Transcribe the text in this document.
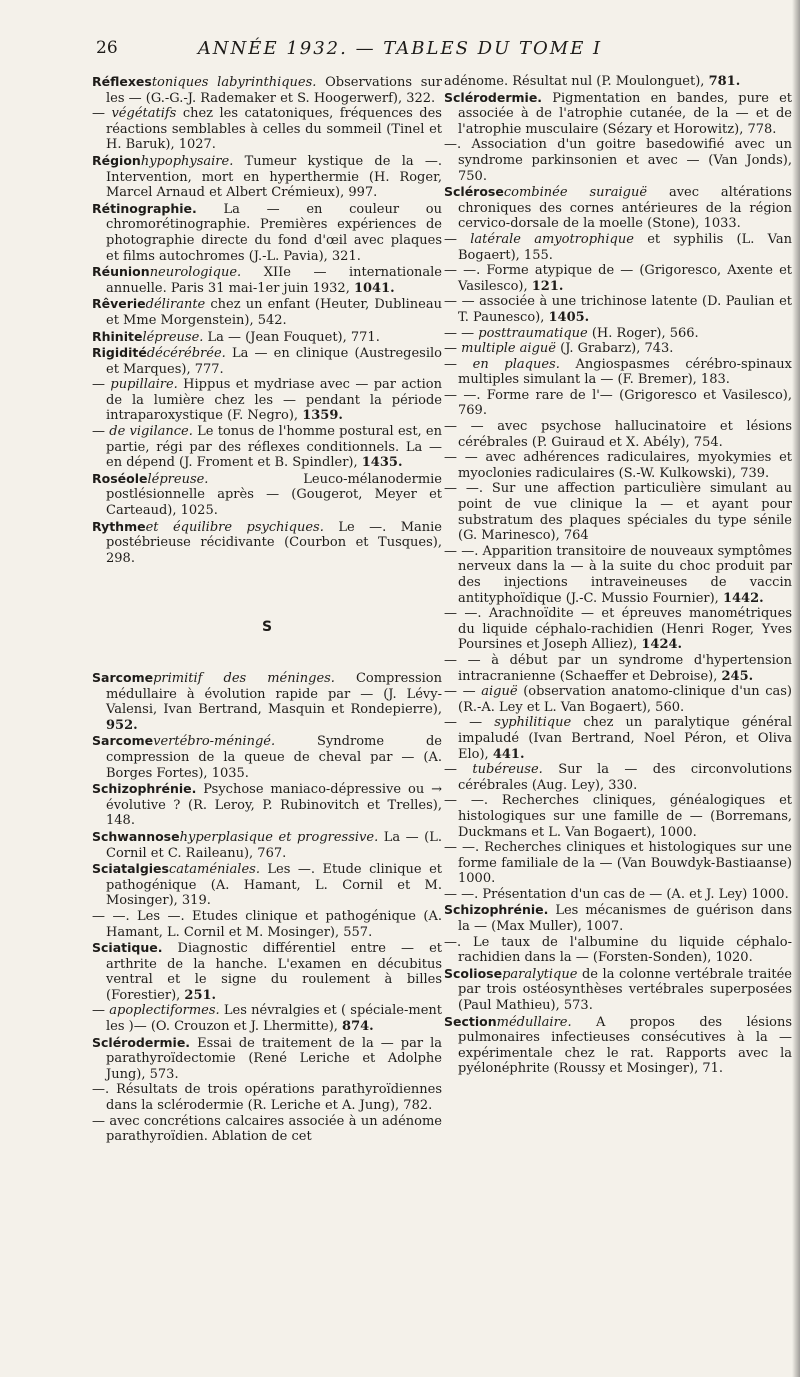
26	ANNÉE 1932. — TABLES DU TOME I

Réflexestoniques labyrinthiques. Observations sur les — (G.-G.-J. Rademaker et S. Hoogerwerf), 322.

— végétatifs chez les catatoniques, fréquences des réactions semblables à celles du sommeil (Tinel et H. Baruk), 1027.

Régionhypophysaire. Tumeur kystique de la —. Intervention, mort en hyperthermie (H. Roger, Marcel Arnaud et Albert Crémieux), 997.

Rétinographie. La — en couleur ou chromorétinographie. Premières expériences de photographie directe du fond d'œil avec plaques et films autochromes (J.-L. Pavia), 321.

Réunionneurologique. XIIe — internationale annuelle. Paris 31 mai-1er juin 1932, 1041.

Rêveriedélirante chez un enfant (Heuter, Dublineau et Mme Morgenstein), 542.

Rhinitelépreuse. La — (Jean Fouquet), 771.

Rigiditédécérébrée. La — en clinique (Austregesilo et Marques), 777.

— pupillaire. Hippus et mydriase avec — par action de la lumière chez les — pendant la période intraparoxystique (F. Negro), 1359.

— de vigilance. Le tonus de l'homme postural est, en partie, régi par des réflexes conditionnels. La — en dépend (J. Froment et B. Spindler), 1435.

Roséolelépreuse. Leuco-mélanodermie postlésionnelle après — (Gougerot, Meyer et Carteaud), 1025.

Rythmeet équilibre psychiques. Le —. Manie postébrieuse récidivante (Courbon et Tusques), 298.

S

Sarcomeprimitif des méninges. Compression médullaire à évolution rapide par — (J. Lévy-Valensi, Ivan Bertrand, Masquin et Rondepierre), 952.

Sarcomevertébro-méningé. Syndrome de compression de la queue de cheval par — (A. Borges Fortes), 1035.

Schizophrénie. Psychose maniaco-dépressive ou → évolutive ? (R. Leroy, P. Rubinovitch et Trelles), 148.

Schwannosehyperplasique et progressive. La — (L. Cornil et C. Raileanu), 767.

Sciatalgiescataméniales. Les —. Etude clinique et pathogénique (A. Hamant, L. Cornil et M. Mosinger), 319.

— —. Les —. Etudes clinique et pathogénique (A. Hamant, L. Cornil et M. Mosinger), 557.

Sciatique. Diagnostic différentiel entre — et arthrite de la hanche. L'examen en décubitus ventral et le signe du roulement à billes (Forestier), 251.

— apoplectiformes. Les névralgies et ( spéciale-ment les )— (O. Crouzon et J. Lhermitte), 874.

Sclérodermie. Essai de traitement de la — par la parathyroïdectomie (René Leriche et Adolphe Jung), 573.

—. Résultats de trois opérations parathyroïdiennes dans la sclérodermie (R. Leriche et A. Jung), 782.

— avec concrétions calcaires associée à un adénome parathyroïdien. Ablation de cet

adénome. Résultat nul (P. Moulonguet), 781.

Sclérodermie. Pigmentation en bandes, pure et associée à de l'atrophie cutanée, de la — et de l'atrophie musculaire (Sézary et Horowitz), 778.

—. Association d'un goitre basedowifié avec un syndrome parkinsonien et avec — (Van Jonds), 750.

Sclérosecombinée suraiguë avec altérations chroniques des cornes antérieures de la région cervico-dorsale de la moelle (Stone), 1033.

— latérale amyotrophique et syphilis (L. Van Bogaert), 155.

— —. Forme atypique de — (Grigoresco, Axente et Vasilesco), 121.

— — associée à une trichinose latente (D. Paulian et T. Paunesco), 1405.

— — posttraumatique (H. Roger), 566.

— multiple aiguë (J. Grabarz), 743.

— en plaques. Angiospasmes cérébro-spinaux multiples simulant la — (F. Bremer), 183.

— —. Forme rare de l'— (Grigoresco et Vasilesco), 769.

— — avec psychose hallucinatoire et lésions cérébrales (P. Guiraud et X. Abély), 754.

— — avec adhérences radiculaires, myokymies et myoclonies radiculaires (S.-W. Kulkowski), 739.

— —. Sur une affection particulière simulant au point de vue clinique la — et ayant pour substratum des plaques spéciales du type sénile (G. Marinesco), 764

— —. Apparition transitoire de nouveaux symptômes nerveux dans la — à la suite du choc produit par des injections intraveineuses de vaccin antityphoïdique (J.-C. Mussio Fournier), 1442.

— —. Arachnoïdite — et épreuves manométriques du liquide céphalo-rachidien (Henri Roger, Yves Poursines et Joseph Alliez), 1424.

— — à début par un syndrome d'hypertension intracranienne (Schaeffer et Debroise), 245.

— — aiguë (observation anatomo-clinique d'un cas) (R.-A. Ley et L. Van Bogaert), 560.

— — syphilitique chez un paralytique général impaludé (Ivan Bertrand, Noel Péron, et Oliva Elo), 441.

— tubéreuse. Sur la — des circonvolutions cérébrales (Aug. Ley), 330.

— —. Recherches cliniques, généalogiques et histologiques sur une famille de — (Borremans, Duckmans et L. Van Bogaert), 1000.

— —. Recherches cliniques et histologiques sur une forme familiale de la — (Van Bouwdyk-Bastiaanse) 1000.

— —. Présentation d'un cas de — (A. et J. Ley) 1000.

Schizophrénie. Les mécanismes de guérison dans la — (Max Muller), 1007.

—. Le taux de l'albumine du liquide céphalo-rachidien dans la — (Forsten-Sonden), 1020.

Scolioseparalytique de la colonne vertébrale traitée par trois ostéosynthèses vertébrales superposées (Paul Mathieu), 573.

Sectionmédullaire. A propos des lésions pulmonaires infectieuses consécutives à la — expérimentale chez le rat. Rapports avec la pyélonéphrite (Roussy et Mosinger), 71.
